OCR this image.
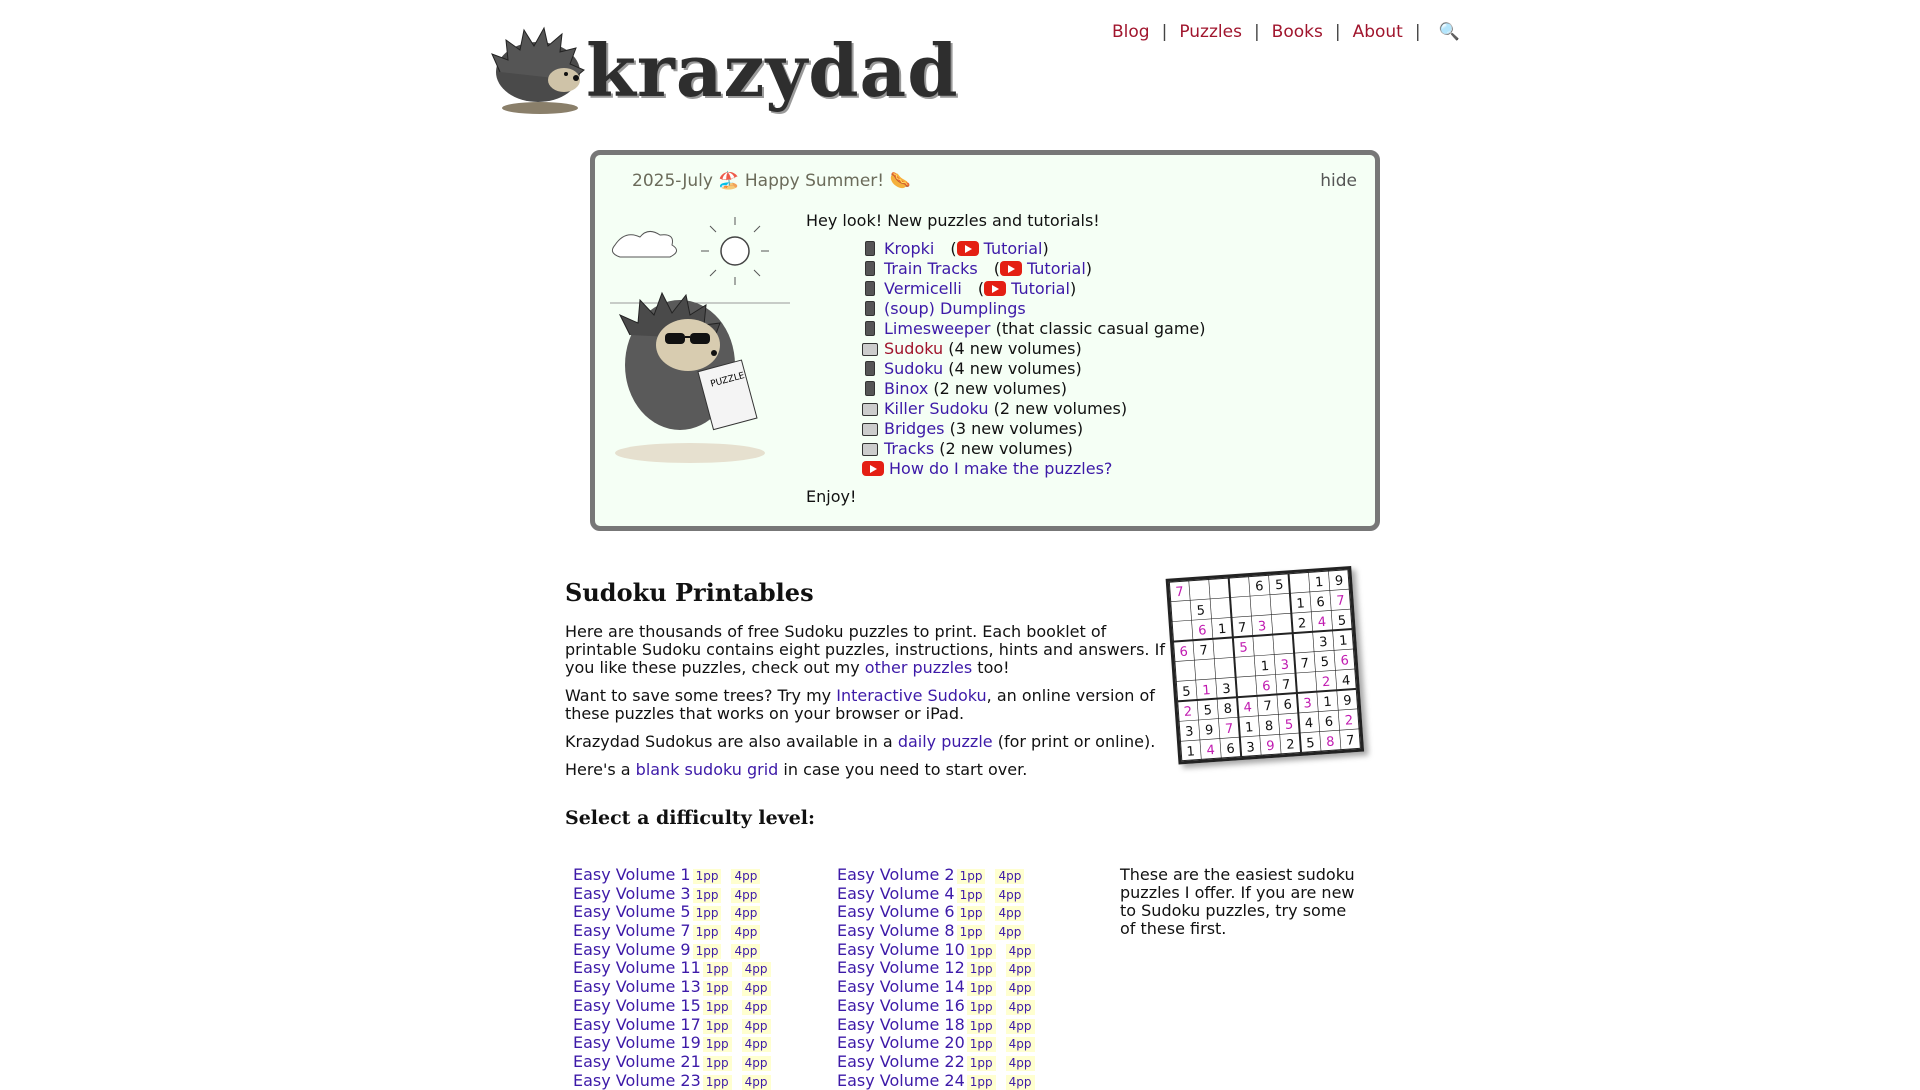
krazydad	Blog | Puzzles | Books | About | 🔍
2025-July 🏖️ Happy Summer! 🌭	hide
PUZZLE
Hey look! New puzzles and tutorials!
Kropki ( Tutorial)
Train Tracks ( Tutorial)
Vermicelli ( Tutorial)
(soup) Dumplings
Limesweeper (that classic casual game)
Sudoku (4 new volumes)
Sudoku (4 new volumes)
Binox (2 new volumes)
Killer Sudoku (2 new volumes)
Bridges (3 new volumes)
Tracks (2 new volumes)
How do I make the puzzles?
Enjoy!
Sudoku Printables

Here are thousands of free Sudoku puzzles to print. Each booklet of printable Sudoku contains eight puzzles, instructions, hints and answers. If you like these puzzles, check out my other puzzles too!

Want to save some trees? Try my Interactive Sudoku, an online version of these puzzles that works on your browser or iPad.

Krazydad Sudokus are also available in a daily puzzle (for print or online).

Here's a blank sudoku grid in case you need to start over.

Select a difficulty level:
7	6 5 1 9
5	1 6 7
6 1 7 3 2 4 5
6 7 5	3 1
1 3 7 5 6
5 1 3 6 7 2 4
2 5 8 4 7 6 3 1 9
3 9 7 1 8 5 4 6 2
1 4 6 3 9 2 5 8 7
Easy Volume 1 1pp 4pp
Easy Volume 3 1pp 4pp
Easy Volume 5 1pp 4pp
Easy Volume 7 1pp 4pp
Easy Volume 9 1pp 4pp
Easy Volume 11 1pp 4pp
Easy Volume 13 1pp 4pp
Easy Volume 15 1pp 4pp
Easy Volume 17 1pp 4pp
Easy Volume 19 1pp 4pp
Easy Volume 21 1pp 4pp
Easy Volume 23 1pp 4pp
Easy Volume 2 1pp 4pp
Easy Volume 4 1pp 4pp
Easy Volume 6 1pp 4pp
Easy Volume 8 1pp 4pp
Easy Volume 10 1pp 4pp
Easy Volume 12 1pp 4pp
Easy Volume 14 1pp 4pp
Easy Volume 16 1pp 4pp
Easy Volume 18 1pp 4pp
Easy Volume 20 1pp 4pp
Easy Volume 22 1pp 4pp
Easy Volume 24 1pp 4pp
These are the easiest sudoku puzzles I offer. If you are new to Sudoku puzzles, try some of these first.
